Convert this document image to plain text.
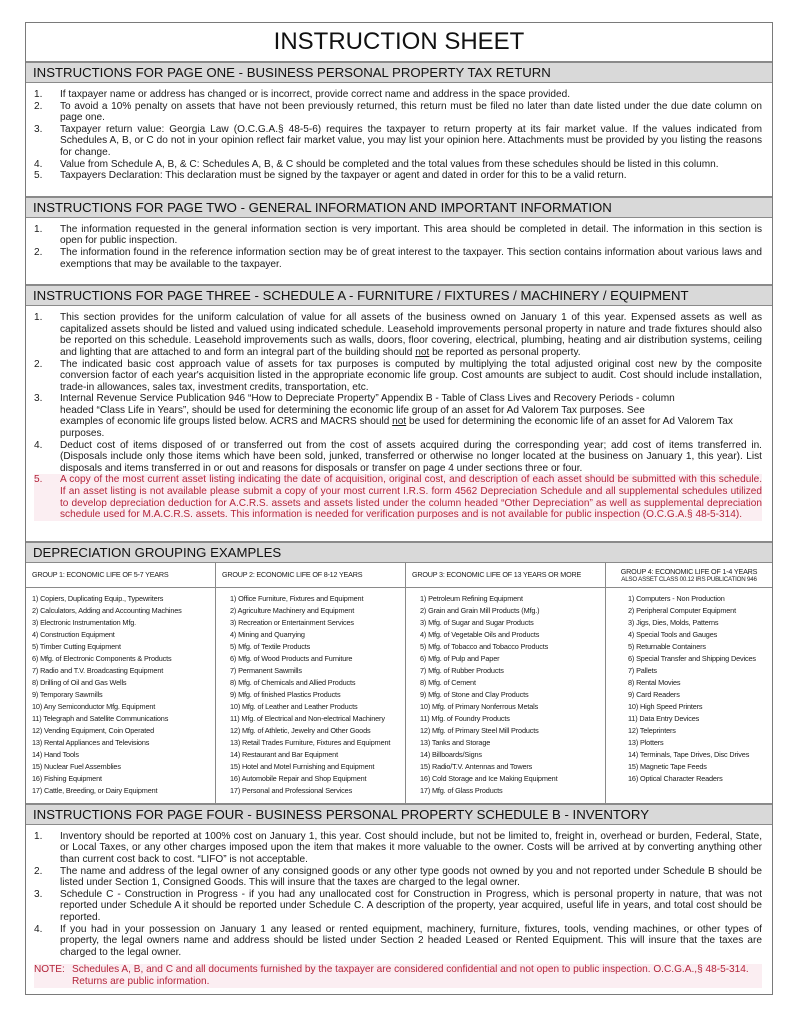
INSTRUCTION SHEET
INSTRUCTIONS FOR PAGE ONE - BUSINESS PERSONAL PROPERTY TAX RETURN
1. If taxpayer name or address has changed or is incorrect, provide correct name and address in the space provided.
2. To avoid a 10% penalty on assets that have not been previously returned, this return must be filed no later than date listed under the due date column on page one.
3. Taxpayer return value: Georgia Law (O.C.G.A.§ 48-5-6) requires the taxpayer to return property at its fair market value. If the values indicated from Schedules A, B, or C do not in your opinion reflect fair market value, you may list your opinion here. Attachments must be provided by you listing the reasons for change.
4. Value from Schedule A, B, & C: Schedules A, B, & C should be completed and the total values from these schedules should be listed in this column.
5. Taxpayers Declaration: This declaration must be signed by the taxpayer or agent and dated in order for this to be a valid return.
INSTRUCTIONS FOR PAGE TWO - GENERAL INFORMATION AND IMPORTANT INFORMATION
1. The information requested in the general information section is very important. This area should be completed in detail. The information in this section is open for public inspection.
2. The information found in the reference information section may be of great interest to the taxpayer. This section contains information about various laws and exemptions that may be available to the taxpayer.
INSTRUCTIONS FOR PAGE THREE - SCHEDULE A - FURNITURE / FIXTURES / MACHINERY / EQUIPMENT
1. This section provides for the uniform calculation of value for all assets of the business owned on January 1 of this year. Expensed assets as well as capitalized assets should be listed and valued using indicated schedule. Leasehold improvements personal property in nature and trade fixtures should also be reported on this schedule. Leasehold improvements such as walls, doors, floor covering, electrical, plumbing, heating and air distribution systems, ceiling and lighting that are attached to and form an integral part of the building should not be reported as personal property.
2. The indicated basic cost approach value of assets for tax purposes is computed by multiplying the total adjusted original cost new by the composite conversion factor of each year's acquisition listed in the appropriate economic life group. Cost amounts are subject to audit. Cost should include installation, trade-in allowances, sales tax, investment credits, transportation, etc.
3. Internal Revenue Service Publication 946 “How to Depreciate Property” Appendix B - Table of Class Lives and Recovery Periods - column
headed “Class Life in Years”, should be used for determining the economic life group of an asset for Ad Valorem Tax purposes. See
examples of economic life groups listed below. ACRS and MACRS should not be used for determining the economic life of an asset for Ad Valorem Tax purposes.
4. Deduct cost of items disposed of or transferred out from the cost of assets acquired during the corresponding year; add cost of items transferred in. (Disposals include only those items which have been sold, junked, transferred or otherwise no longer located at the business on January 1, this year). List disposals and items transferred in or out and reasons for disposals or transfer on page 4 under sections three or four.
5. A copy of the most current asset listing indicating the date of acquisition, original cost, and description of each asset should be submitted with this schedule. If an asset listing is not available please submit a copy of your most current I.R.S. form 4562 Depreciation Schedule and all supplemental schedules utilized to develop depreciation deduction for A.C.R.S. assets and assets listed under the column headed “Other Depreciation” as well as supplemental depreciation schedule used for M.A.C.R.S. assets. This information is needed for verification purposes and is not available for public inspection (O.C.G.A.§ 48-5-314).
DEPRECIATION GROUPING EXAMPLES
GROUP 1: ECONOMIC LIFE OF 5-7 YEARS
1) Copiers, Duplicating Equip., Typewriters
2) Calculators, Adding and Accounting Machines
3) Electronic Instrumentation Mfg.
4) Construction Equipment
5) Timber Cutting Equipment
6) Mfg. of Electronic Components & Products
7) Radio and T.V. Broadcasting Equipment
8) Drilling of Oil and Gas Wells
9) Temporary Sawmills
10) Any Semiconductor Mfg. Equipment
11) Telegraph and Satellite Communications
12) Vending Equipment, Coin Operated
13) Rental Appliances and Televisions
14) Hand Tools
15) Nuclear Fuel Assemblies
16) Fishing Equipment
17) Cattle, Breeding, or Dairy Equipment
GROUP 2: ECONOMIC LIFE OF 8-12 YEARS
1) Office Furniture, Fixtures and Equipment
2) Agriculture Machinery and Equipment
3) Recreation or Entertainment Services
4) Mining and Quarrying
5) Mfg. of Textile Products
6) Mfg. of Wood Products and Furniture
7) Permanent Sawmills
8) Mfg. of Chemicals and Allied Products
9) Mfg. of finished Plastics Products
10) Mfg. of Leather and Leather Products
11) Mfg. of Electrical and Non-electrical Machinery
12) Mfg. of Athletic, Jewelry and Other Goods
13) Retail Trades Furniture, Fixtures and Equipment
14) Restaurant and Bar Equipment
15) Hotel and Motel Furnishing and Equipment
16) Automobile Repair and Shop Equipment
17) Personal and Professional Services
GROUP 3: ECONOMIC LIFE OF 13 YEARS OR MORE
1) Petroleum Refining Equipment
2) Grain and Grain Mill Products (Mfg.)
3) Mfg. of Sugar and Sugar Products
4) Mfg. of Vegetable Oils and Products
5) Mfg. of Tobacco and Tobacco Products
6) Mfg. of Pulp and Paper
7) Mfg. of Rubber Products
8) Mfg. of Cement
9) Mfg. of Stone and Clay Products
10) Mfg. of Primary Nonferrous Metals
11) Mfg. of Foundry Products
12) Mfg. of Primary Steel Mill Products
13) Tanks and Storage
14) Billboards/Signs
15) Radio/T.V. Antennas and Towers
16) Cold Storage and Ice Making Equipment
17) Mfg. of Glass Products
GROUP 4: ECONOMIC LIFE OF 1-4 YEARS
ALSO ASSET CLASS 00.12 IRS PUBLICATION 946
1) Computers - Non Production
2) Peripheral Computer Equipment
3) Jigs, Dies, Molds, Patterns
4) Special Tools and Gauges
5) Returnable Containers
6) Special Transfer and Shipping Devices
7) Pallets
8) Rental Movies
9) Card Readers
10) High Speed Printers
11) Data Entry Devices
12) Teleprinters
13) Plotters
14) Terminals, Tape Drives, Disc Drives
15) Magnetic Tape Feeds
16) Optical Character Readers
INSTRUCTIONS FOR PAGE FOUR - BUSINESS PERSONAL PROPERTY SCHEDULE B - INVENTORY
1. Inventory should be reported at 100% cost on January 1, this year. Cost should include, but not be limited to, freight in, overhead or burden, Federal, State, or Local Taxes, or any other charges imposed upon the item that makes it more valuable to the owner. Costs will be arrived at by converting anything other than current cost back to cost. “LIFO” is not acceptable.
2. The name and address of the legal owner of any consigned goods or any other type goods not owned by you and not reported under Schedule B should be listed under Section 1, Consigned Goods. This will insure that the taxes are charged to the legal owner.
3. Schedule C - Construction in Progress - if you had any unallocated cost for Construction in Progress, which is personal property in nature, that was not reported under Schedule A it should be reported under Schedule C. A description of the property, year acquired, useful life in years, and total cost should be reported.
4. If you had in your possession on January 1 any leased or rented equipment, machinery, furniture, fixtures, tools, vending machines, or other types of property, the legal owners name and address should be listed under Section 2 headed Leased or Rented Equipment. This will insure that the taxes are charged to the legal owner.
NOTE: Schedules A, B, and C and all documents furnished by the taxpayer are considered confidential and not open to public inspection. O.C.G.A.,§ 48-5-314. Returns are public information.
